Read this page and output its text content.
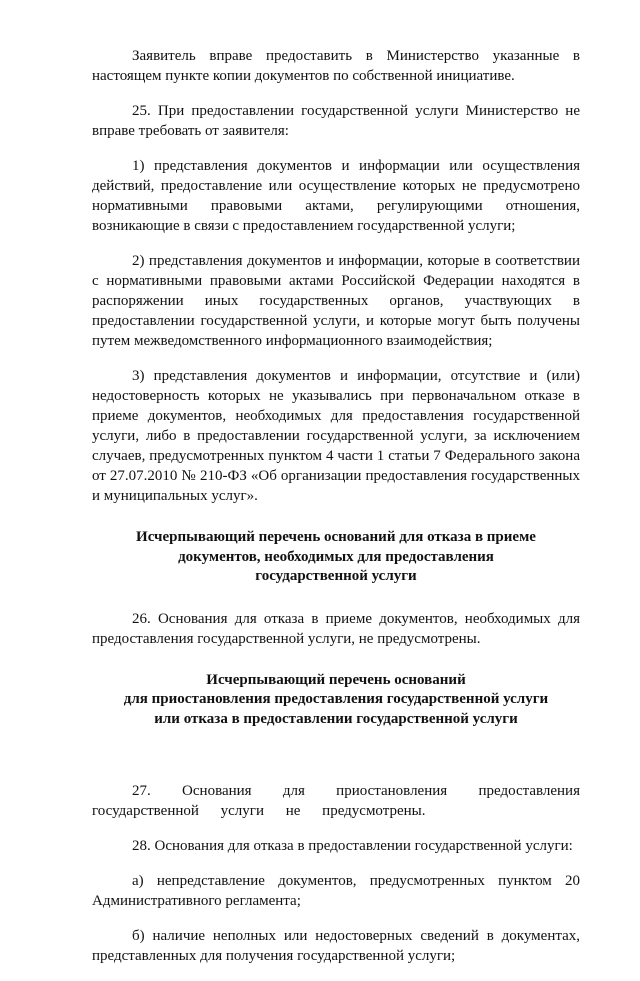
Заявитель вправе предоставить в Министерство указанные в настоящем пункте копии документов по собственной инициативе.

25. При предоставлении государственной услуги Министерство не вправе требовать от заявителя:

1) представления документов и информации или осуществления действий, предоставление или осуществление которых не предусмотрено нормативными правовыми актами, регулирующими отношения, возникающие в связи с предоставлением государственной услуги;

2) представления документов и информации, которые в соответствии с нормативными правовыми актами Российской Федерации находятся в распоряжении иных государственных органов, участвующих в предоставлении государственной услуги, и которые могут быть получены путем межведомственного информационного взаимодействия;

3) представления документов и информации, отсутствие и (или) недостоверность которых не указывались при первоначальном отказе в приеме документов, необходимых для предоставления государственной услуги, либо в предоставлении государственной услуги, за исключением случаев, предусмотренных пунктом 4 части 1 статьи 7 Федерального закона от 27.07.2010 № 210-ФЗ «Об организации предоставления государственных и муниципальных услуг».

Исчерпывающий перечень оснований для отказа в приеме
документов, необходимых для предоставления
государственной услуги

26. Основания для отказа в приеме документов, необходимых для предоставления государственной услуги, не предусмотрены.

Исчерпывающий перечень оснований
для приостановления предоставления государственной услуги
или отказа в предоставлении государственной услуги

27. Основания для приостановления предоставления государственной услуги не предусмотрены.

28. Основания для отказа в предоставлении государственной услуги:

а) непредставление документов, предусмотренных пунктом 20 Административного регламента;

б) наличие неполных или недостоверных сведений в документах, представленных для получения государственной услуги;
